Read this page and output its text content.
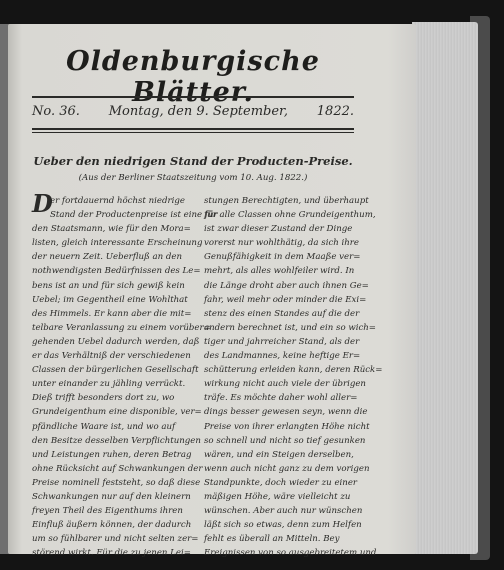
Oldenburgische Blätter.
No. 36. Montag, den 9. September, 1822.
Ueber den niedrigen Stand der Producten-Preise.
(Aus der Berliner Staatszeitung vom 10. Aug. 1822.)
D
er fortdauernd höchst niedrige
Stand der Productenpreise ist eine für
den Staatsmann, wie für den Mora=
listen, gleich interessante Erscheinung
der neuern Zeit. Ueberfluß an den
nothwendigsten Bedürfnissen des Le=
bens ist an und für sich gewiß kein
Uebel; im Gegentheil eine Wohlthat
des Himmels. Er kann aber die mit=
telbare Veranlassung zu einem vorüber=
gehenden Uebel dadurch werden, daß
er das Verhältniß der verschiedenen
Classen der bürgerlichen Gesellschaft
unter einander zu jähling verrückt.
Dieß trifft besonders dort zu, wo
Grundeigenthum eine disponible, ver=
pfändliche Waare ist, und wo auf
den Besitze desselben Verpflichtungen
und Leistungen ruhen, deren Betrag
ohne Rücksicht auf Schwankungen der
Preise nominell feststeht, so daß diese
Schwankungen nur auf den kleinern
freyen Theil des Eigenthums ihren
Einfluß äußern können, der dadurch
um so fühlbarer und nicht selten zer=
störend wirkt. Für die zu jenen Lei=
stungen Berechtigten, und überhaupt
für alle Classen ohne Grundeigenthum,
ist zwar dieser Zustand der Dinge
vorerst nur wohlthätig, da sich ihre
Genußfähigkeit in dem Maaße ver=
mehrt, als alles wohlfeiler wird. In
die Länge droht aber auch ihnen Ge=
fahr, weil mehr oder minder die Exi=
stenz des einen Standes auf die der
andern berechnet ist, und ein so wich=
tiger und jahrreicher Stand, als der
des Landmannes, keine heftige Er=
schütterung erleiden kann, deren Rück=
wirkung nicht auch viele der übrigen
träfe. Es möchte daher wohl aller=
dings besser gewesen seyn, wenn die
Preise von ihrer erlangten Höhe nicht
so schnell und nicht so tief gesunken
wären, und ein Steigen derselben,
wenn auch nicht ganz zu dem vorigen
Standpunkte, doch wieder zu einer
mäßigen Höhe, wäre vielleicht zu
wünschen. Aber auch nur wünschen
läßt sich so etwas, denn zum Helfen
fehlt es überall an Mitteln. Bey
Ereignissen von so ausgebreitetem und
